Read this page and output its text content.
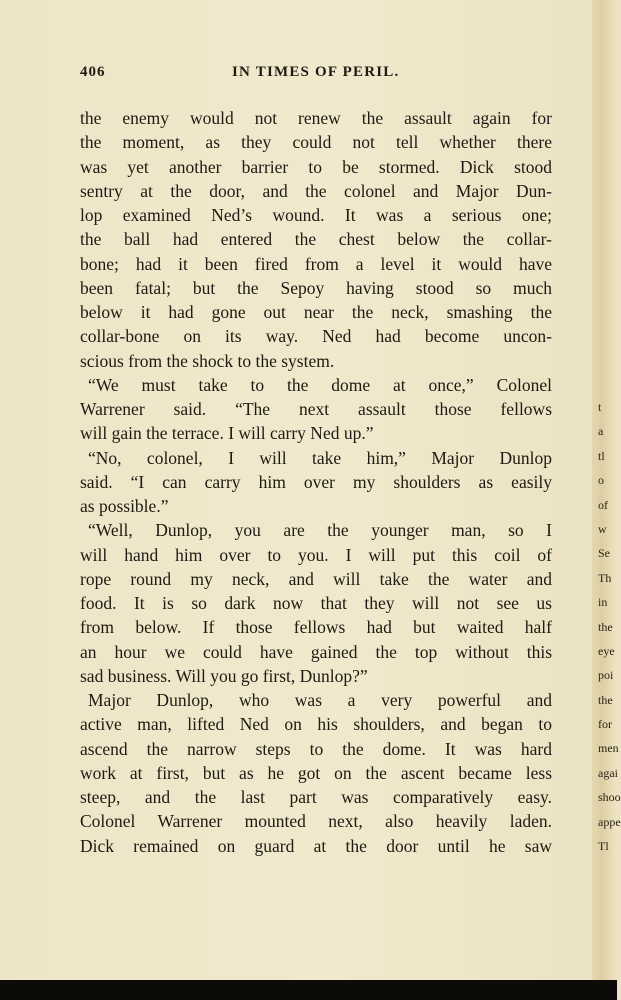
406	IN TIMES OF PERIL.
the enemy would not renew the assault again for
the moment, as they could not tell whether there
was yet another barrier to be stormed. Dick stood
sentry at the door, and the colonel and Major Dun-
lop examined Ned’s wound. It was a serious one;
the ball had entered the chest below the collar-
bone; had it been fired from a level it would have
been fatal; but the Sepoy having stood so much
below it had gone out near the neck, smashing the
collar-bone on its way. Ned had become uncon-
scious from the shock to the system.
“We must take to the dome at once,” Colonel
Warrener said. “The next assault those fellows
will gain the terrace. I will carry Ned up.”
“No, colonel, I will take him,” Major Dunlop
said. “I can carry him over my shoulders as easily
as possible.”
“Well, Dunlop, you are the younger man, so I
will hand him over to you. I will put this coil of
rope round my neck, and will take the water and
food. It is so dark now that they will not see us
from below. If those fellows had but waited half
an hour we could have gained the top without this
sad business. Will you go first, Dunlop?”
Major Dunlop, who was a very powerful and
active man, lifted Ned on his shoulders, and began to
ascend the narrow steps to the dome. It was hard
work at first, but as he got on the ascent became less
steep, and the last part was comparatively easy.
Colonel Warrener mounted next, also heavily laden.
Dick remained on guard at the door until he saw
t
a
tl
o
of
w
Se
Th
in
the
eye
poi
the
for
men
agai
shoo
appe
Tl
